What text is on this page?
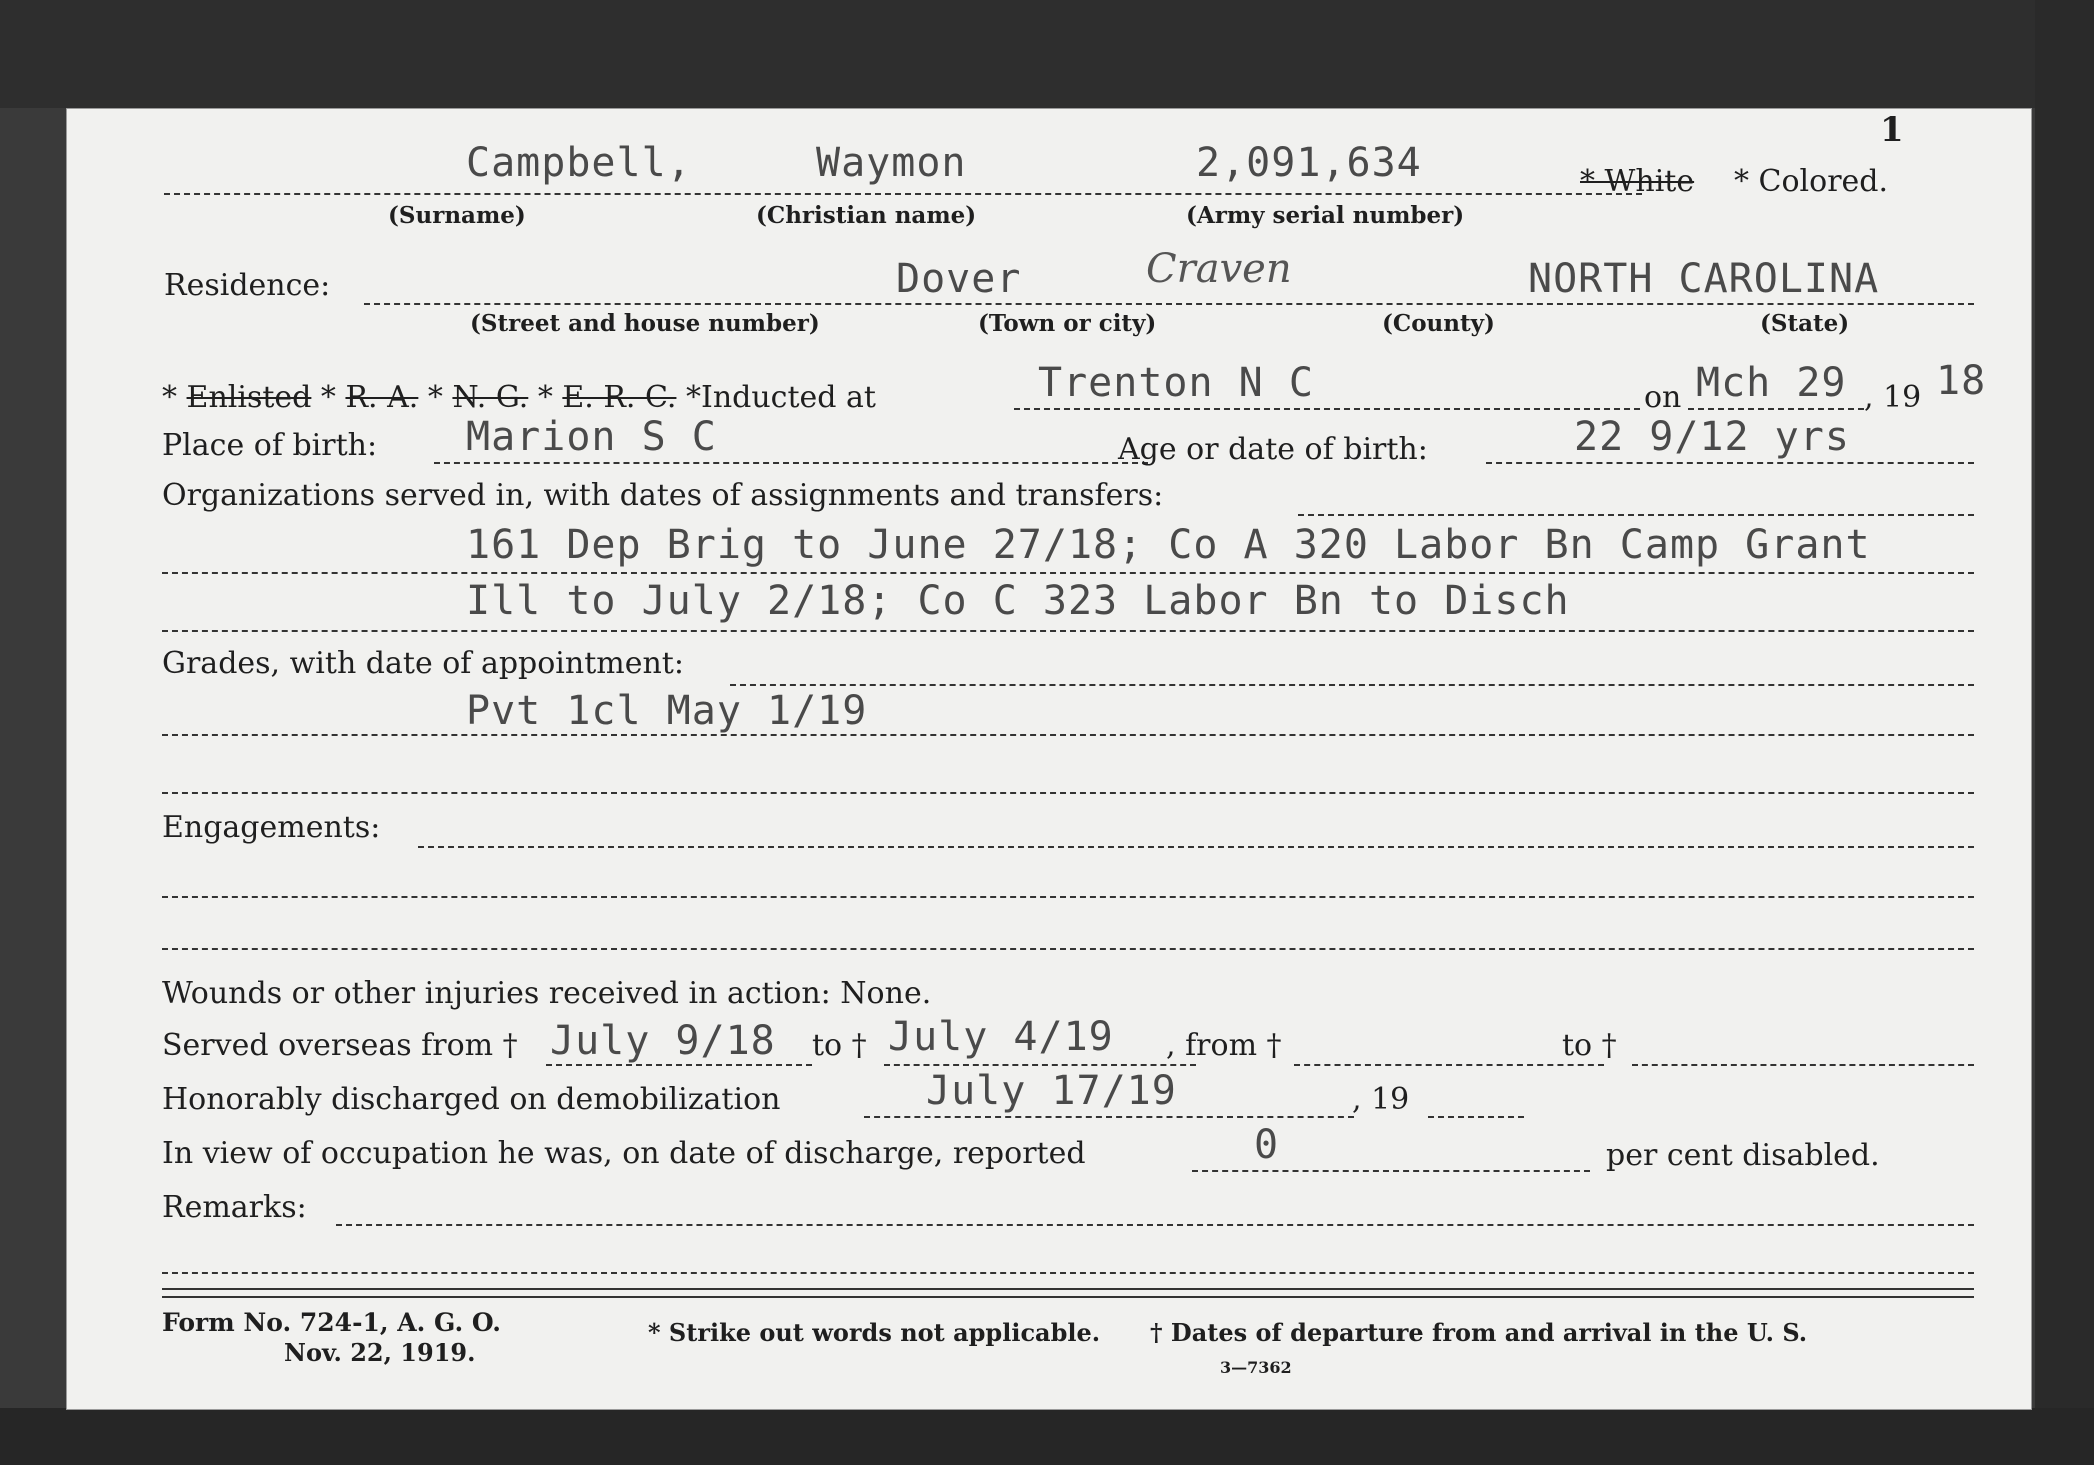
1
Campbell,	Waymon	2,091,634	* White * Colored.
(Surname)	(Christian name)	(Army serial number)
Residence:	Dover	Craven	NORTH CAROLINA
(Street and house number)	(Town or city)	(County)	(State)
* Enlisted * R. A. * N. G. * E. R. C. *Inducted at	Trenton N C	on Mch 29 , 19 18
Place of birth: Marion S C	Age or date of birth:	22 9/12 yrs
Organizations served in, with dates of assignments and transfers:
161 Dep Brig to June 27/18; Co A 320 Labor Bn Camp Grant
Ill to July 2/18; Co C 323 Labor Bn to Disch
Grades, with date of appointment:
Pvt 1cl May 1/19
Engagements:
Wounds or other injuries received in action: None.
Served overseas from † July 9/18 to † July 4/19 , from †	to †
Honorably discharged on demobilization	July 17/19	, 19
In view of occupation he was, on date of discharge, reported	0	per cent disabled.
Remarks:
Form No. 724-1, A. G. O.
Nov. 22, 1919.
* Strike out words not applicable. † Dates of departure from and arrival in the U. S.
3—7362
